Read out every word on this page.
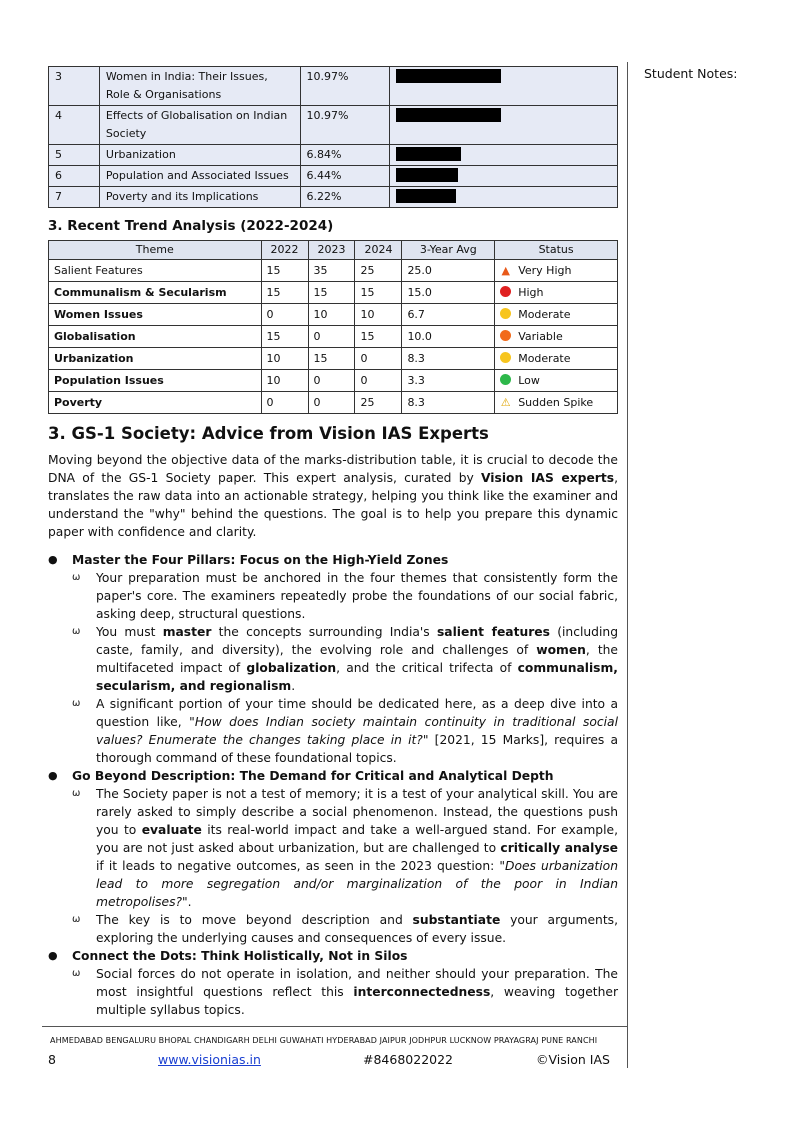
3	Women in India: Their Issues, Role & Organisations	10.97%	

4	Effects of Globalisation on Indian Society	10.97%	

5	Urbanization	6.84%	

6	Population and Associated Issues	6.44%	

7	Poverty and its Implications	6.22%	
3. Recent Trend Analysis (2022-2024)
Theme	2022	2023	2024	3-Year Avg	Status
Salient Features	15	35	25	25.0	▲ Very High
Communalism & Secularism	15	15	15	15.0	High
Women Issues	0	10	10	6.7	Moderate
Globalisation	15	0	15	10.0	Variable
Urbanization	10	15	0	8.3	Moderate
Population Issues	10	0	0	3.3	Low
Poverty	0	0	25	8.3	⚠ Sudden Spike
3. GS-1 Society: Advice from Vision IAS Experts

Moving beyond the objective data of the marks-distribution table, it is crucial to decode the DNA of the GS-1 Society paper. This expert analysis, curated by Vision IAS experts, translates the raw data into an actionable strategy, helping you think like the examiner and understand the "why" behind the questions. The goal is to help you prepare this dynamic paper with confidence and clarity.

● Master the Four Pillars: Focus on the High-Yield Zones
ω Your preparation must be anchored in the four themes that consistently form the paper's core. The examiners repeatedly probe the foundations of our social fabric, asking deep, structural questions.
ω You must master the concepts surrounding India's salient features (including caste, family, and diversity), the evolving role and challenges of women, the multifaceted impact of globalization, and the critical trifecta of communalism, secularism, and regionalism.
ω A significant portion of your time should be dedicated here, as a deep dive into a question like, "How does Indian society maintain continuity in traditional social values? Enumerate the changes taking place in it?" [2021, 15 Marks], requires a thorough command of these foundational topics.
● Go Beyond Description: The Demand for Critical and Analytical Depth
ω The Society paper is not a test of memory; it is a test of your analytical skill. You are rarely asked to simply describe a social phenomenon. Instead, the questions push you to evaluate its real-world impact and take a well-argued stand. For example, you are not just asked about urbanization, but are challenged to critically analyse if it leads to negative outcomes, as seen in the 2023 question: "Does urbanization lead to more segregation and/or marginalization of the poor in Indian metropolises?".
ω The key is to move beyond description and substantiate your arguments, exploring the underlying causes and consequences of every issue.
● Connect the Dots: Think Holistically, Not in Silos
ω Social forces do not operate in isolation, and neither should your preparation. The most insightful questions reflect this interconnectedness, weaving together multiple syllabus topics.
Student Notes:
AHMEDABAD BENGALURU BHOPAL CHANDIGARH DELHI GUWAHATI HYDERABAD JAIPUR JODHPUR LUCKNOW PRAYAGRAJ PUNE RANCHI
8	www.visionias.in	#8468022022	©Vision IAS
